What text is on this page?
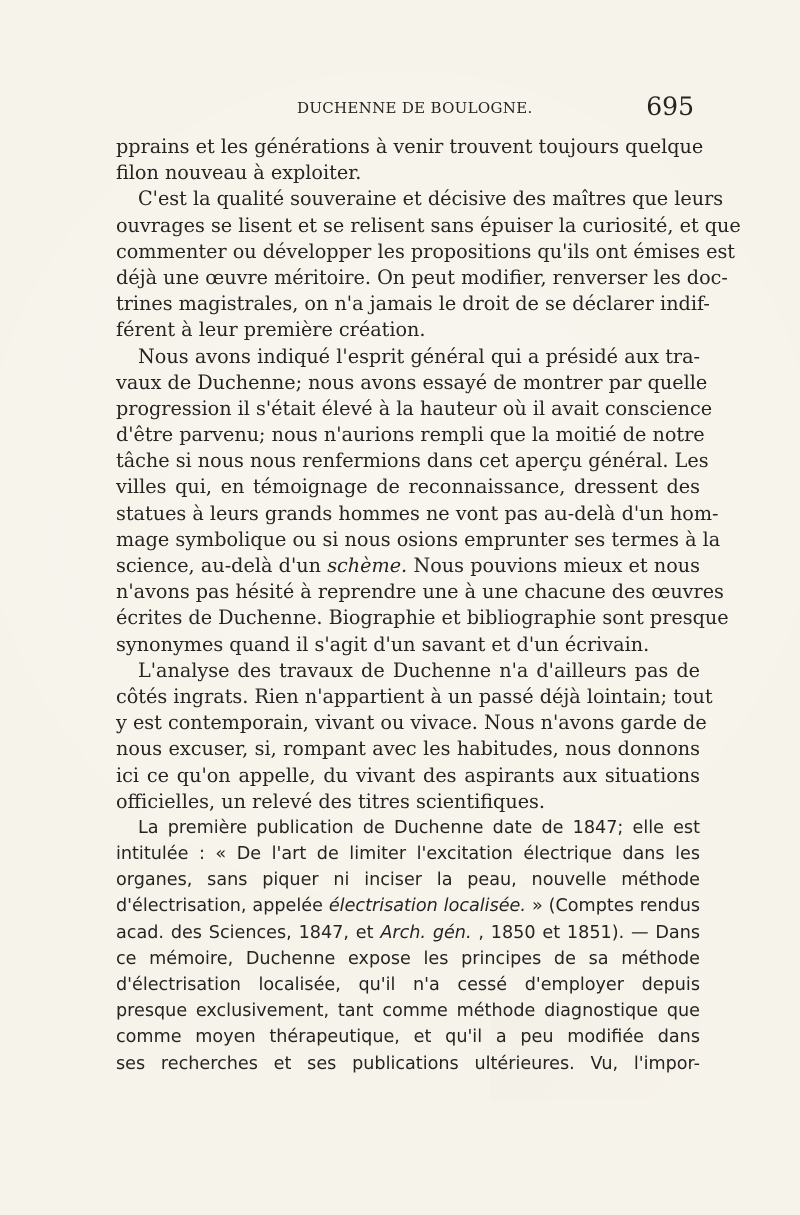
DUCHENNE DE BOULOGNE.	695
pprains et les générations à venir trouvent toujours quelque
filon nouveau à exploiter.
C'est la qualité souveraine et décisive des maîtres que leurs
ouvrages se lisent et se relisent sans épuiser la curiosité, et que
commenter ou développer les propositions qu'ils ont émises est
déjà une œuvre méritoire. On peut modifier, renverser les doc-
trines magistrales, on n'a jamais le droit de se déclarer indif-
férent à leur première création.
Nous avons indiqué l'esprit général qui a présidé aux tra-
vaux de Duchenne; nous avons essayé de montrer par quelle
progression il s'était élevé à la hauteur où il avait conscience
d'être parvenu; nous n'aurions rempli que la moitié de notre
tâche si nous nous renfermions dans cet aperçu général. Les
villes qui, en témoignage de reconnaissance, dressent des
statues à leurs grands hommes ne vont pas au-delà d'un hom-
mage symbolique ou si nous osions emprunter ses termes à la
science, au-delà d'un schème. Nous pouvions mieux et nous
n'avons pas hésité à reprendre une à une chacune des œuvres
écrites de Duchenne. Biographie et bibliographie sont presque
synonymes quand il s'agit d'un savant et d'un écrivain.
L'analyse des travaux de Duchenne n'a d'ailleurs pas de
côtés ingrats. Rien n'appartient à un passé déjà lointain; tout
y est contemporain, vivant ou vivace. Nous n'avons garde de
nous excuser, si, rompant avec les habitudes, nous donnons
ici ce qu'on appelle, du vivant des aspirants aux situations
officielles, un relevé des titres scientifiques.
La première publication de Duchenne date de 1847; elle est
intitulée : « De l'art de limiter l'excitation électrique dans les
organes, sans piquer ni inciser la peau, nouvelle méthode
d'électrisation, appelée électrisation localisée. » (Comptes rendus
acad. des Sciences, 1847, et Arch. gén. , 1850 et 1851). — Dans
ce mémoire, Duchenne expose les principes de sa méthode
d'électrisation localisée, qu'il n'a cessé d'employer depuis
presque exclusivement, tant comme méthode diagnostique que
comme moyen thérapeutique, et qu'il a peu modifiée dans
ses recherches et ses publications ultérieures. Vu, l'impor-
